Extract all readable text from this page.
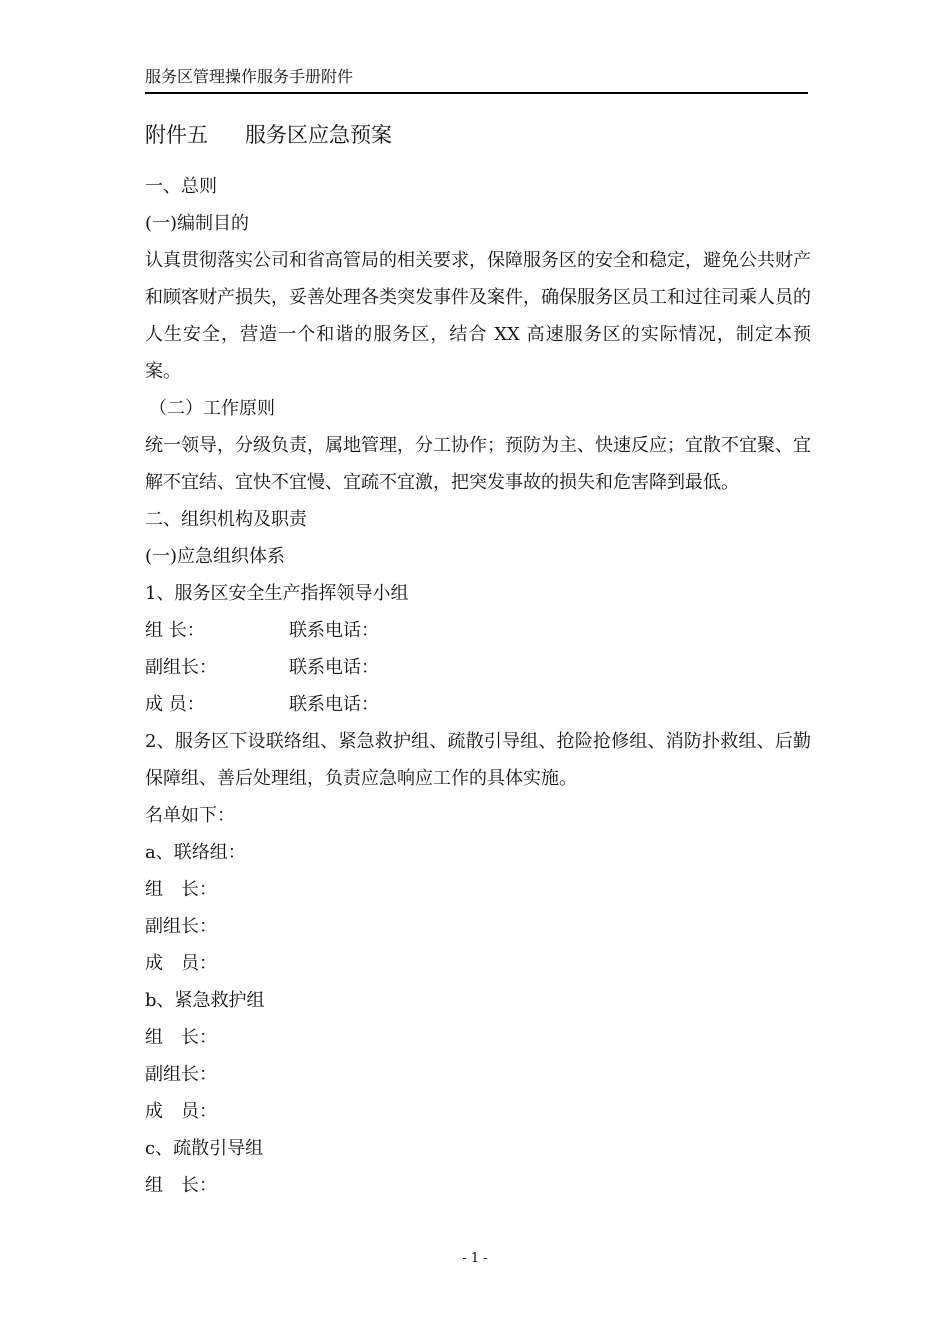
服务区管理操作服务手册附件
附件五 服务区应急预案

一、总则

(一)编制目的

认真贯彻落实公司和省高管局的相关要求，保障服务区的安全和稳定，避免公共财产和顾客财产损失，妥善处理各类突发事件及案件，确保服务区员工和过往司乘人员的人生安全，营造一个和谐的服务区，结合 XX 高速服务区的实际情况，制定本预案。

（二）工作原则

统一领导，分级负责，属地管理，分工协作；预防为主、快速反应；宜散不宜聚、宜解不宜结、宜快不宜慢、宜疏不宜激，把突发事故的损失和危害降到最低。

二、组织机构及职责

(一)应急组织体系

1、服务区安全生产指挥领导小组

组 长：	联系电话：

副组长：	联系电话：

成 员：	联系电话：

2、服务区下设联络组、紧急救护组、疏散引导组、抢险抢修组、消防扑救组、后勤保障组、善后处理组，负责应急响应工作的具体实施。

名单如下：

a、联络组：

组　长：

副组长：

成　员：

b、紧急救护组

组　长：

副组长：

成　员：

c、疏散引导组

组　长：

- 1 -
